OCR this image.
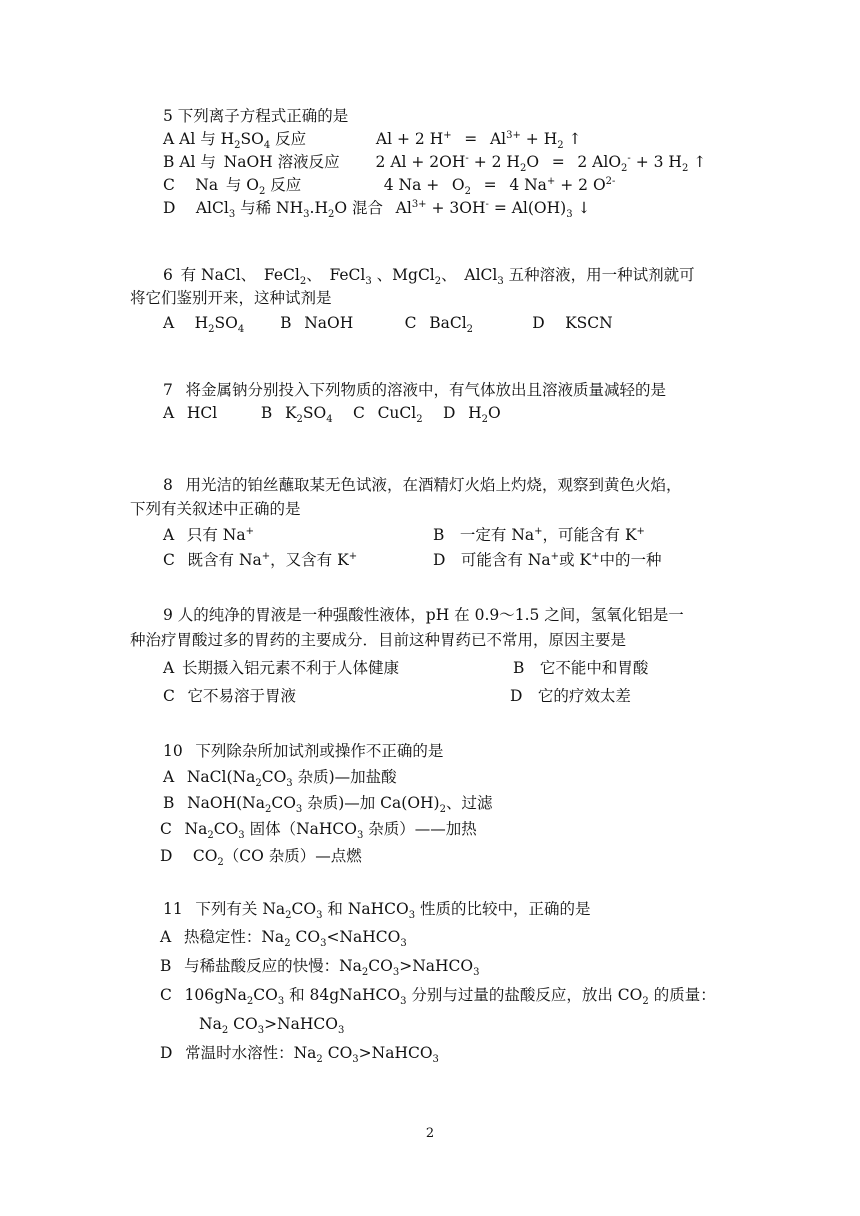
5 下列离子方程式正确的是
A Al 与 $H_2SO_4$ 反应     Al + 2 H+  =  $Al^{3+} + H_2$ ↑
B Al 与 NaOH 溶液反应   2 Al + 2OH- + 2 $H_2O$  =  2 AlO$_2$- + 3 $H_2$ ↑
C   Na 与 $O_2$ 反应      4 Na +  $O_2$  =  4 Na+ + 2 $O^{2-}$
D   AlCl$_3$ 与稀 $NH_3.H_2O$ 混合  $Al^{3+} + 3OH^- = Al(OH)_3$ ↓
6 有 NaCl、 FeCl$_2$、 FeCl$_3$ 、MgCl$_2$、 AlCl$_3$ 五种溶液，用一种试剂就可
将它们鉴别开来，这种试剂是
A   $H_2SO_4$   B  NaOH    C  BaCl$_2$     D   KSCN
7  将金属钠分别投入下列物质的溶液中，有气体放出且溶液质量减轻的是
A  HCl    B  $K_2SO_4$  C  CuCl$_2$  D  $H_2O$
8  用光洁的铂丝蘸取某无色试液，在酒精灯火焰上灼烧，观察到黄色火焰，
下列有关叙述中正确的是
A  只有 Na+	B  一定有 Na+，可能含有 K+
C  既含有 Na+，又含有 K+	D  可能含有 Na+或 K+中的一种
9 人的纯净的胃液是一种强酸性液体，pH 在 0.9～1.5 之间，氢氧化铝是一
种治疗胃酸过多的胃药的主要成分．目前这种胃药已不常用，原因主要是
A 长期摄入铝元素不利于人体健康	B  它不能中和胃酸
C  它不易溶于胃液	D  它的疗效太差
10  下列除杂所加试剂或操作不正确的是
A  $NaCl(Na_2CO_3$ 杂质)—加盐酸
B  $NaOH(Na_2CO_3$ 杂质)—加 $Ca(OH)_2$、过滤
C  $Na_2CO_3$ 固体（NaHCO$_3$ 杂质）——加热
D   $CO_2(CO$ 杂质）—点燃
11  下列有关 $Na_2CO_3$ 和 NaHCO$_3$ 性质的比较中，正确的是
A  热稳定性：$Na_2$ $CO_3<NaHCO_3$
B  与稀盐酸反应的快慢：$Na_2CO_3>NaHCO_3$
C  $106gNa_2CO_3$ 和 84gNaHCO$_3$ 分别与过量的盐酸反应，放出 $CO_2$ 的质量：
$Na_2$ $CO_3>NaHCO_3$
D  常温时水溶性：$Na_2$ $CO_3>NaHCO_3$
2
